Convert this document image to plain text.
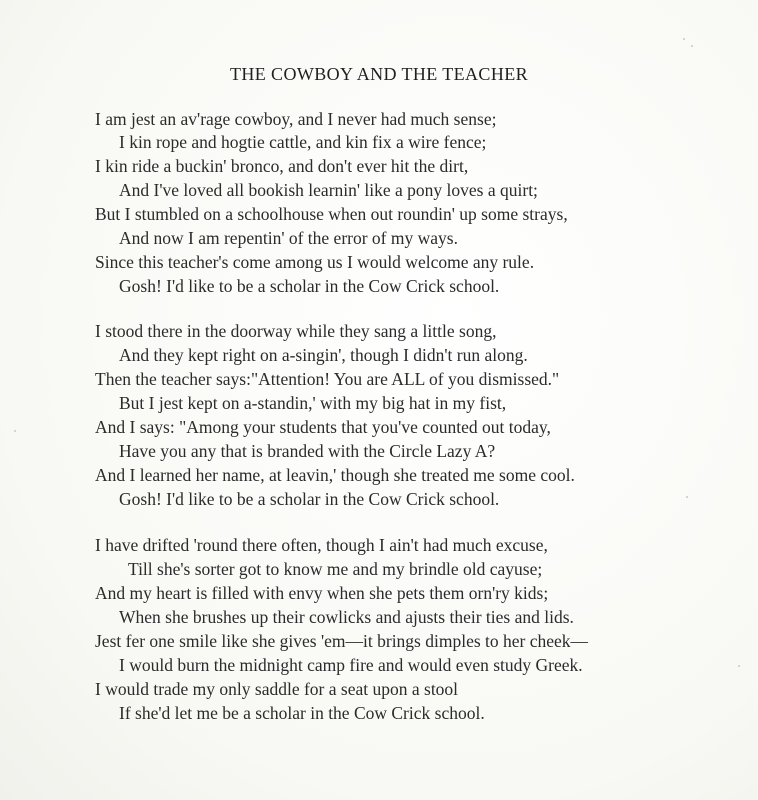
THE COWBOY AND THE TEACHER
I am jest an av'rage cowboy, and I never had much sense;
I kin rope and hogtie cattle, and kin fix a wire fence;
I kin ride a buckin' bronco, and don't ever hit the dirt,
And I've loved all bookish learnin' like a pony loves a quirt;
But I stumbled on a schoolhouse when out roundin' up some strays,
And now I am repentin' of the error of my ways.
Since this teacher's come among us I would welcome any rule.
Gosh! I'd like to be a scholar in the Cow Crick school.
I stood there in the doorway while they sang a little song,
And they kept right on a-singin', though I didn't run along.
Then the teacher says:"Attention! You are ALL of you dismissed."
But I jest kept on a-standin,' with my big hat in my fist,
And I says: "Among your students that you've counted out today,
Have you any that is branded with the Circle Lazy A?
And I learned her name, at leavin,' though she treated me some cool.
Gosh! I'd like to be a scholar in the Cow Crick school.
I have drifted 'round there often, though I ain't had much excuse,
Till she's sorter got to know me and my brindle old cayuse;
And my heart is filled with envy when she pets them orn'ry kids;
When she brushes up their cowlicks and ajusts their ties and lids.
Jest fer one smile like she gives 'em—it brings dimples to her cheek—
I would burn the midnight camp fire and would even study Greek.
I would trade my only saddle for a seat upon a stool
If she'd let me be a scholar in the Cow Crick school.
